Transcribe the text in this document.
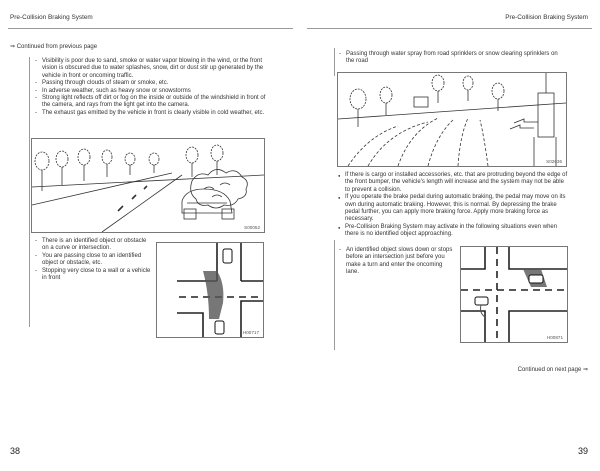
Pre-Collision Braking System	Pre-Collision Braking System
⇒ Continued from previous page
- Visibility is poor due to sand, smoke or water vapor blowing in the wind, or the front vision is obscured due to water splashes, snow, dirt or dust stir up generated by the vehicle in front or oncoming traffic.
- Passing through clouds of steam or smoke, etc.
- In adverse weather, such as heavy snow or snowstorms
- Strong light reflects off dirt or fog on the inside or outside of the windshield in front of the camera, and rays from the light get into the camera.
- The exhaust gas emitted by the vehicle in front is clearly visible in cold weather, etc.
S00052
- There is an identified object or obstacle on a curve or intersection.
- You are passing close to an identified object or obstacle, etc.
- Stopping very close to a wall or a vehicle in front
H00717
- Passing through water spray from road sprinklers or snow clearing sprinklers on the road
S02636
● If there is cargo or installed accessories, etc. that are protruding beyond the edge of the front bumper, the vehicle's length will increase and the system may not be able to prevent a collision.
● If you operate the brake pedal during automatic braking, the pedal may move on its own during automatic braking. However, this is normal. By depressing the brake pedal further, you can apply more braking force. Apply more braking force as necessary.
● Pre-Collision Braking System may activate in the following situations even when there is no identified object approaching.
- An identified object slows down or stops before an intersection just before you make a turn and enter the oncoming lane.
H00871
Continued on next page ⇒
38	39
